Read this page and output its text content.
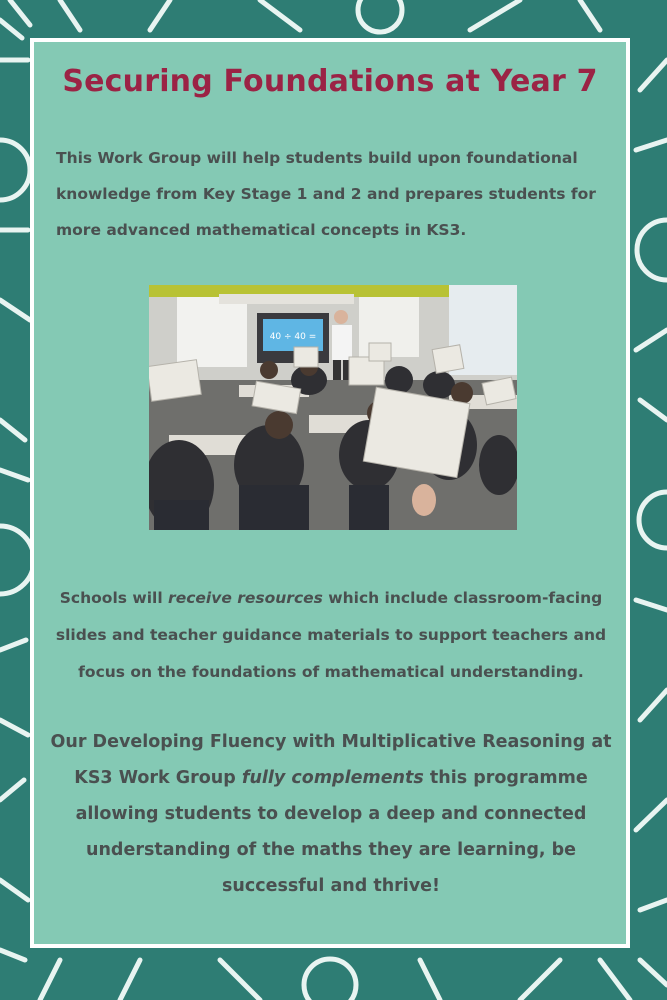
Securing Foundations at Year 7
This Work Group will help students build upon foundational knowledge from Key Stage 1 and 2 and prepares students for more advanced mathematical concepts in KS3.
40 ÷ 40 =
Schools will receive resources which include classroom-facing slides and teacher guidance materials to support teachers and focus on the foundations of mathematical understanding.
Our Developing Fluency with Multiplicative Reasoning at KS3 Work Group fully complements this programme allowing students to develop a deep and connected understanding of the maths they are learning, be successful and thrive!
